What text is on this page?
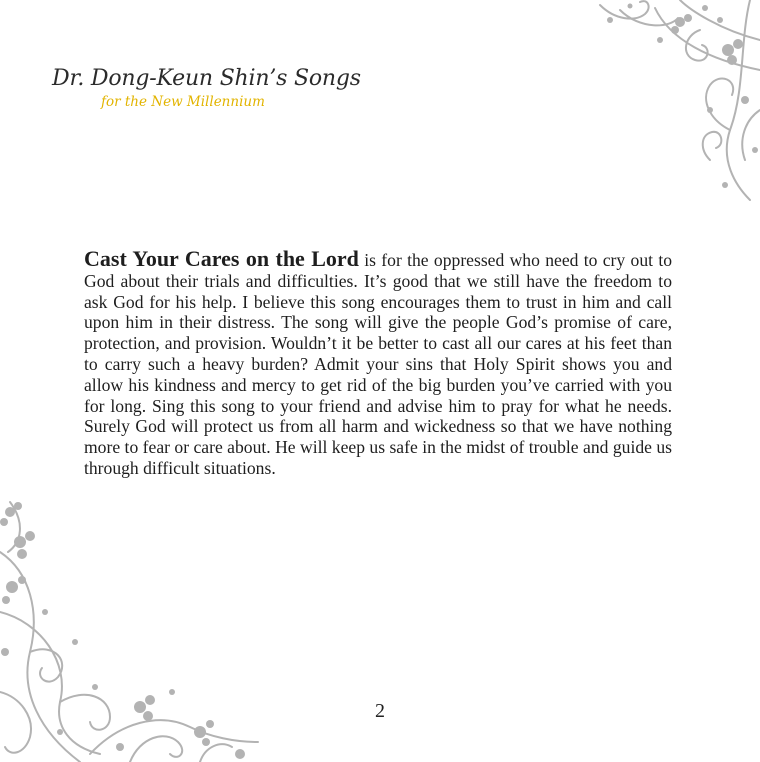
Dr. Dong-Keun Shin’s Songs
for the New Millennium
Cast Your Cares on the Lord is for the oppressed who need to cry out to God about their trials and difficulties. It’s good that we still have the freedom to ask God for his help. I believe this song encourages them to trust in him and call upon him in their distress. The song will give the people God’s promise of care, protection, and provision. Wouldn’t it be better to cast all our cares at his feet than to carry such a heavy burden? Admit your sins that Holy Spirit shows you and allow his kindness and mercy to get rid of the big burden you’ve carried with you for long. Sing this song to your friend and advise him to pray for what he needs. Surely God will protect us from all harm and wickedness so that we have nothing more to fear or care about. He will keep us safe in the midst of trouble and guide us through difficult situations.
2
